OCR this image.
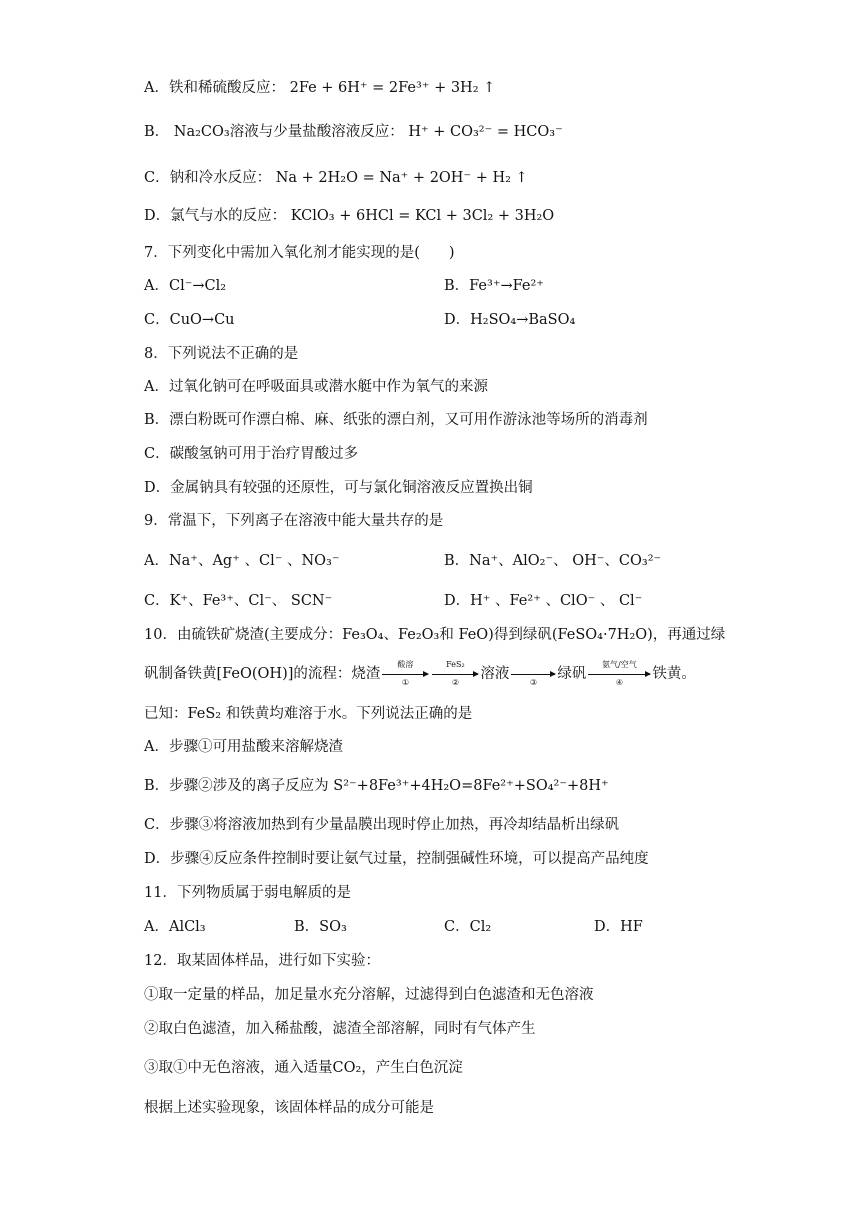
A．铁和稀硫酸反应： 2Fe + 6H⁺ = 2Fe³⁺ + 3H₂ ↑
B． Na₂CO₃溶液与少量盐酸溶液反应： H⁺ + CO₃²⁻ = HCO₃⁻
C．钠和冷水反应： Na + 2H₂O = Na⁺ + 2OH⁻ + H₂ ↑
D．氯气与水的反应： KClO₃ + 6HCl = KCl + 3Cl₂ + 3H₂O
7．下列变化中需加入氧化剂才能实现的是(　　)
A．Cl⁻→Cl₂	B．Fe³⁺→Fe²⁺
C．CuO→Cu	D．H₂SO₄→BaSO₄
8．下列说法不正确的是
A．过氧化钠可在呼吸面具或潜水艇中作为氧气的来源
B．漂白粉既可作漂白棉、麻、纸张的漂白剂，又可用作游泳池等场所的消毒剂
C．碳酸氢钠可用于治疗胃酸过多
D．金属钠具有较强的还原性，可与氯化铜溶液反应置换出铜
9．常温下，下列离子在溶液中能大量共存的是
A．Na⁺、Ag⁺ 、Cl⁻ 、NO₃⁻	B．Na⁺、AlO₂⁻、 OH⁻、CO₃²⁻
C．K⁺、Fe³⁺、Cl⁻、 SCN⁻	D．H⁺ 、Fe²⁺ 、ClO⁻ 、 Cl⁻
10．由硫铁矿烧渣(主要成分：Fe₃O₄、Fe₂O₃和 FeO)得到绿矾(FeSO₄·7H₂O)，再通过绿
矾制备铁黄[FeO(OH)]的流程：烧渣
酸溶
①
FeS₂
②
溶液
③
绿矾
氨气/空气
④
铁黄。
已知：FeS₂ 和铁黄均难溶于水。下列说法正确的是
A．步骤①可用盐酸来溶解烧渣
B．步骤②涉及的离子反应为 S²⁻+8Fe³⁺+4H₂O=8Fe²⁺+SO₄²⁻+8H⁺
C．步骤③将溶液加热到有少量晶膜出现时停止加热，再冷却结晶析出绿矾
D．步骤④反应条件控制时要让氨气过量，控制强碱性环境，可以提高产品纯度
11．下列物质属于弱电解质的是
A．AlCl₃	B．SO₃	C．Cl₂	D．HF
12．取某固体样品，进行如下实验：
①取一定量的样品，加足量水充分溶解，过滤得到白色滤渣和无色溶液
②取白色滤渣，加入稀盐酸，滤渣全部溶解，同时有气体产生
③取①中无色溶液，通入适量CO₂，产生白色沉淀
根据上述实验现象，该固体样品的成分可能是
